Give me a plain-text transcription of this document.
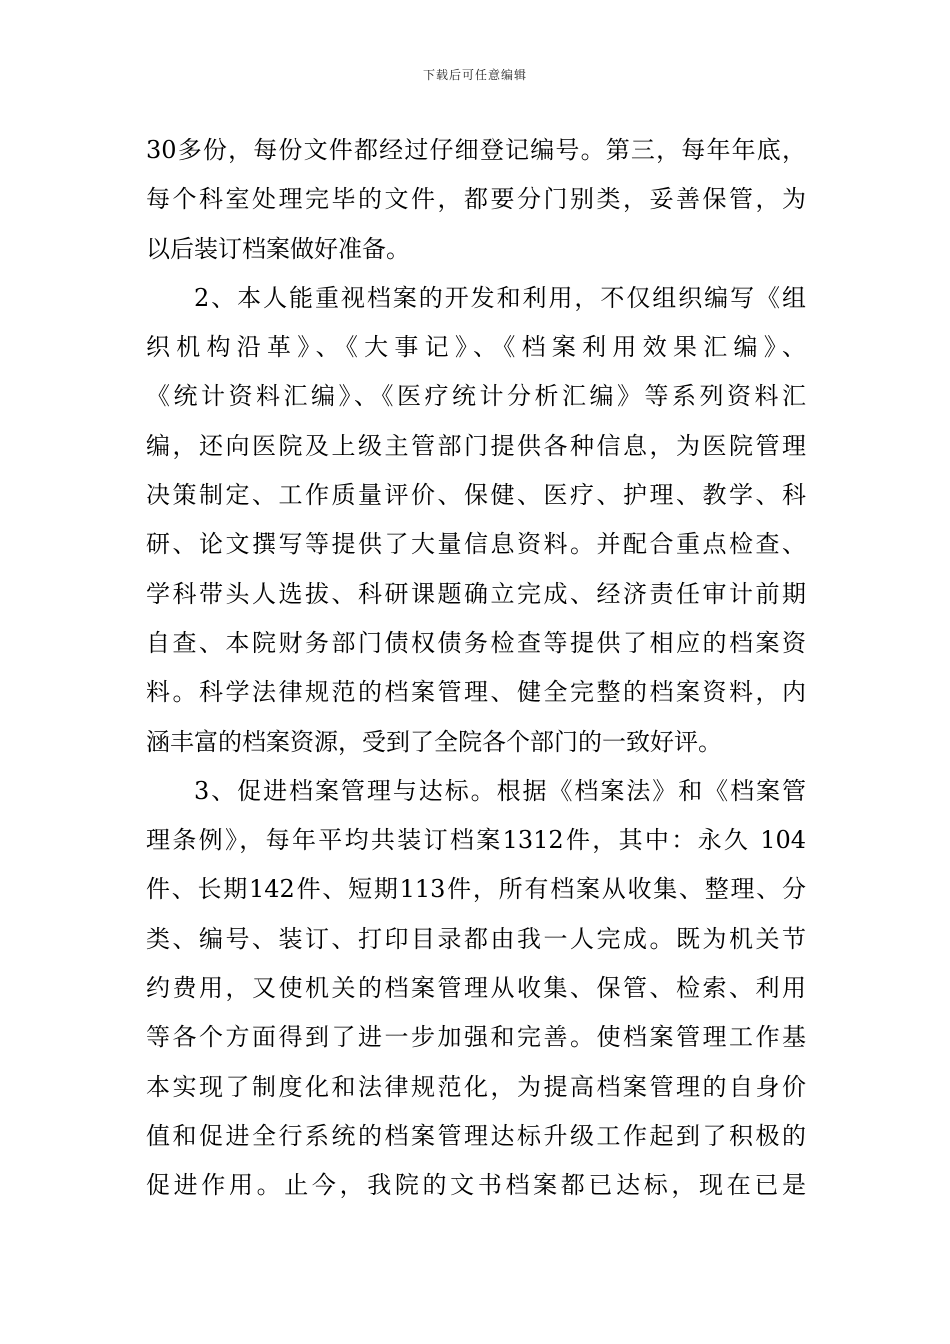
下载后可任意编辑
30多份，每份文件都经过仔细登记编号。第三，每年年底，
每个科室处理完毕的文件，都要分门别类，妥善保管，为
以后装订档案做好准备。
2、本人能重视档案的开发和利用，不仅组织编写《组
织机构沿革》、《大事记》、《档案利用效果汇编》、
《统计资料汇编》、《医疗统计分析汇编》等系列资料汇
编，还向医院及上级主管部门提供各种信息，为医院管理
决策制定、工作质量评价、保健、医疗、护理、教学、科
研、论文撰写等提供了大量信息资料。并配合重点检查、
学科带头人选拔、科研课题确立完成、经济责任审计前期
自查、本院财务部门债权债务检查等提供了相应的档案资
料。科学法律规范的档案管理、健全完整的档案资料，内
涵丰富的档案资源，受到了全院各个部门的一致好评。
3、促进档案管理与达标。根据《档案法》和《档案管
理条例》，每年平均共装订档案1312件，其中：永久 104
件、长期142件、短期113件，所有档案从收集、整理、分
类、编号、装订、打印目录都由我一人完成。既为机关节
约费用，又使机关的档案管理从收集、保管、检索、利用
等各个方面得到了进一步加强和完善。使档案管理工作基
本实现了制度化和法律规范化，为提高档案管理的自身价
值和促进全行系统的档案管理达标升级工作起到了积极的
促进作用。止今，我院的文书档案都已达标，现在已是
